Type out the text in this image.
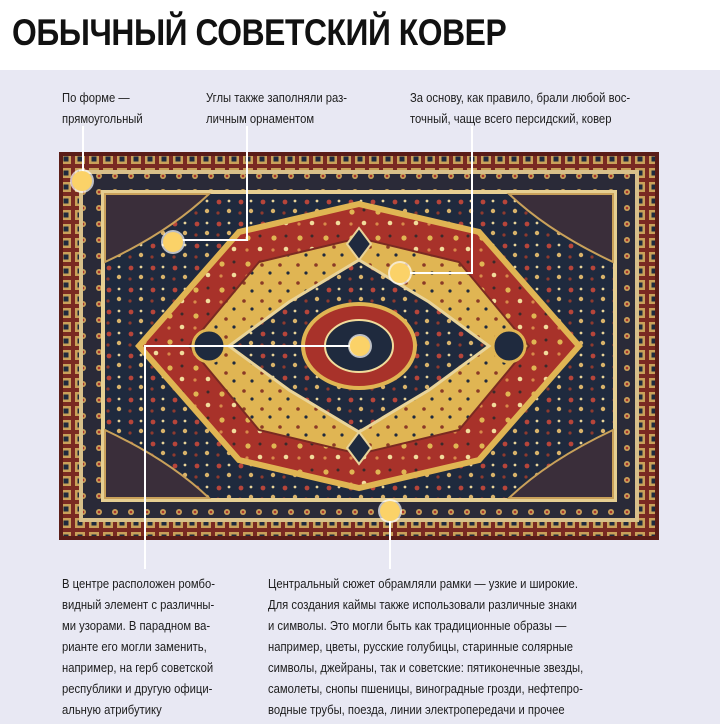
ОБЫЧНЫЙ СОВЕТСКИЙ КОВЕР
По форме —
прямоугольный
Углы также заполняли раз-
личным орнаментом
За основу, как правило, брали любой вос-
точный, чаще всего персидский, ковер
В центре расположен ромбо-
видный элемент с различны-
ми узорами. В парадном ва-
рианте его могли заменить,
например, на герб советской
республики и другую офици-
альную атрибутику
Центральный сюжет обрамляли рамки — узкие и широкие.
Для создания каймы также использовали различные знаки
и символы. Это могли быть как традиционные образы —
например, цветы, русские голубицы, старинные солярные
символы, джейраны, так и советские: пятиконечные звезды,
самолеты, снопы пшеницы, виноградные грозди, нефтепро-
водные трубы, поезда, линии электропередачи и прочее
